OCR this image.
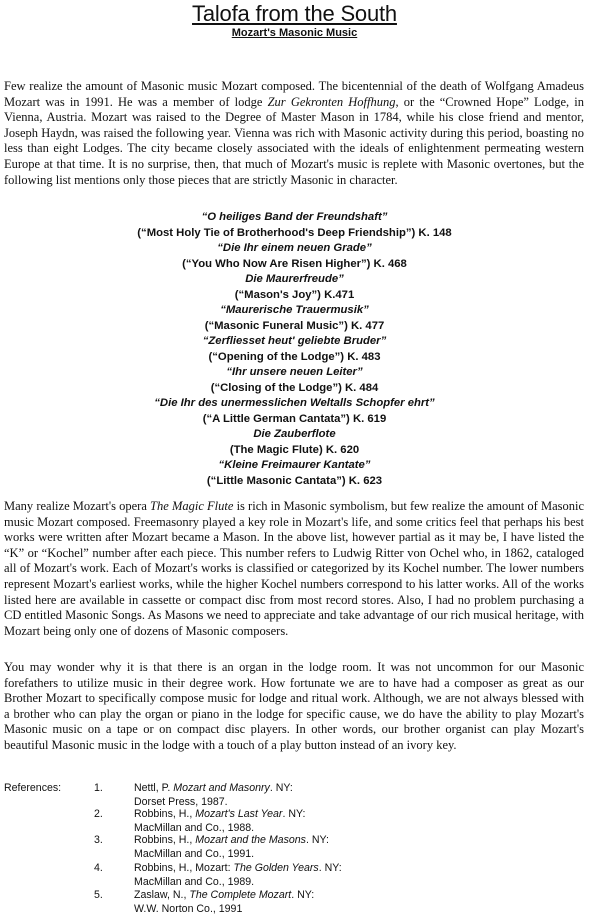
Talofa from the South
Mozart's Masonic Music

Few realize the amount of Masonic music Mozart composed. The bicentennial of the death of Wolfgang Amadeus Mozart was in 1991. He was a member of lodge Zur Gekronten Hoffhung, or the “Crowned Hope” Lodge, in Vienna, Austria. Mozart was raised to the Degree of Master Mason in 1784, while his close friend and mentor, Joseph Haydn, was raised the following year. Vienna was rich with Masonic activity during this period, boasting no less than eight Lodges. The city became closely associated with the ideals of enlightenment permeating western Europe at that time. It is no surprise, then, that much of Mozart's music is replete with Masonic overtones, but the following list mentions only those pieces that are strictly Masonic in character.

“O heiliges Band der Freundshaft”
(“Most Holy Tie of Brotherhood's Deep Friendship”) K. 148
“Die Ihr einem neuen Grade”
(“You Who Now Are Risen Higher”) K. 468
Die Maurerfreude”
(“Mason's Joy”) K.471
“Maurerische Trauermusik”
(“Masonic Funeral Music”) K. 477
“Zerfliesset heut' geliebte Bruder”
(“Opening of the Lodge”) K. 483
“Ihr unsere neuen Leiter”
(“Closing of the Lodge”) K. 484
“Die Ihr des unermesslichen Weltalls Schopfer ehrt”
(“A Little German Cantata”) K. 619
Die Zauberflote
(The Magic Flute) K. 620
“Kleine Freimaurer Kantate”
(“Little Masonic Cantata”) K. 623

Many realize Mozart's opera The Magic Flute is rich in Masonic symbolism, but few realize the amount of Masonic music Mozart composed. Freemasonry played a key role in Mozart's life, and some critics feel that perhaps his best works were written after Mozart became a Mason. In the above list, however partial as it may be, I have listed the “K” or “Kochel” number after each piece. This number refers to Ludwig Ritter von Ochel who, in 1862, cataloged all of Mozart's work. Each of Mozart's works is classified or categorized by its Kochel number. The lower numbers represent Mozart's earliest works, while the higher Kochel numbers correspond to his latter works. All of the works listed here are available in cassette or compact disc from most record stores. Also, I had no problem purchasing a CD entitled Masonic Songs. As Masons we need to appreciate and take advantage of our rich musical heritage, with Mozart being only one of dozens of Masonic composers.

You may wonder why it is that there is an organ in the lodge room. It was not uncommon for our Masonic forefathers to utilize music in their degree work. How fortunate we are to have had a composer as great as our Brother Mozart to specifically compose music for lodge and ritual work. Although, we are not always blessed with a brother who can play the organ or piano in the lodge for specific cause, we do have the ability to play Mozart's Masonic music on a tape or on compact disc players. In other words, our brother organist can play Mozart's beautiful Masonic music in the lodge with a touch of a play button instead of an ivory key.

References:	1.	Nettl, P. Mozart and Masonry. NY:
Dorset Press, 1987.
2.	Robbins, H., Mozart's Last Year. NY:
MacMillan and Co., 1988.
3.	Robbins, H., Mozart and the Masons. NY:
MacMillan and Co., 1991.
4.	Robbins, H., Mozart: The Golden Years. NY:
MacMillan and Co., 1989.
5.	Zaslaw, N., The Complete Mozart. NY:
W.W. Norton Co., 1991
